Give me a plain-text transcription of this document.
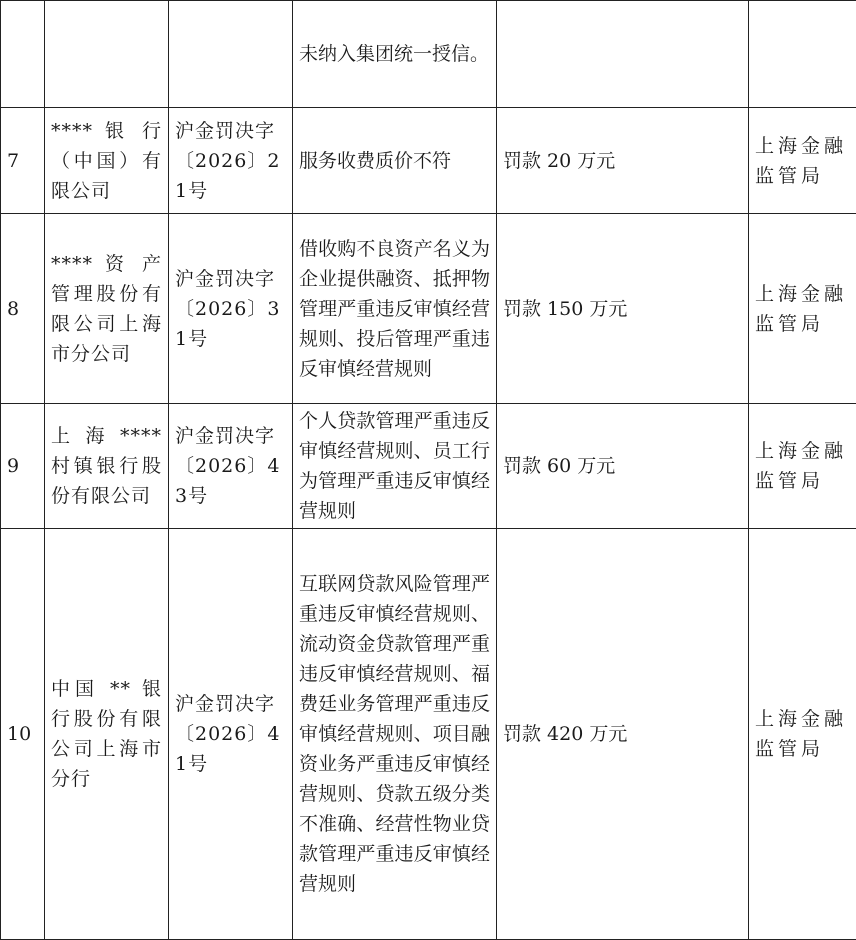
			未纳入集团统一授信。		
7	**** 银 行 （中国）有限公司	沪金罚决字〔2026〕21号	服务收费质价不符	罚款 20 万元	上海金融监管局
8	**** 资 产 管理股份有限公司上海市分公司	沪金罚决字〔2026〕31号	借收购不良资产名义为企业提供融资、抵押物管理严重违反审慎经营规则、投后管理严重违反审慎经营规则	罚款 150 万元	上海金融监管局
9	上 海 **** 村镇银行股份有限公司	沪金罚决字〔2026〕43号	个人贷款管理严重违反审慎经营规则、员工行为管理严重违反审慎经营规则	罚款 60 万元	上海金融监管局
10	中国 ** 银行股份有限公司上海市分行	沪金罚决字〔2026〕41号	互联网贷款风险管理严重违反审慎经营规则、流动资金贷款管理严重违反审慎经营规则、福费廷业务管理严重违反审慎经营规则、项目融资业务严重违反审慎经营规则、贷款五级分类不准确、经营性物业贷款管理严重违反审慎经营规则	罚款 420 万元	上海金融监管局
